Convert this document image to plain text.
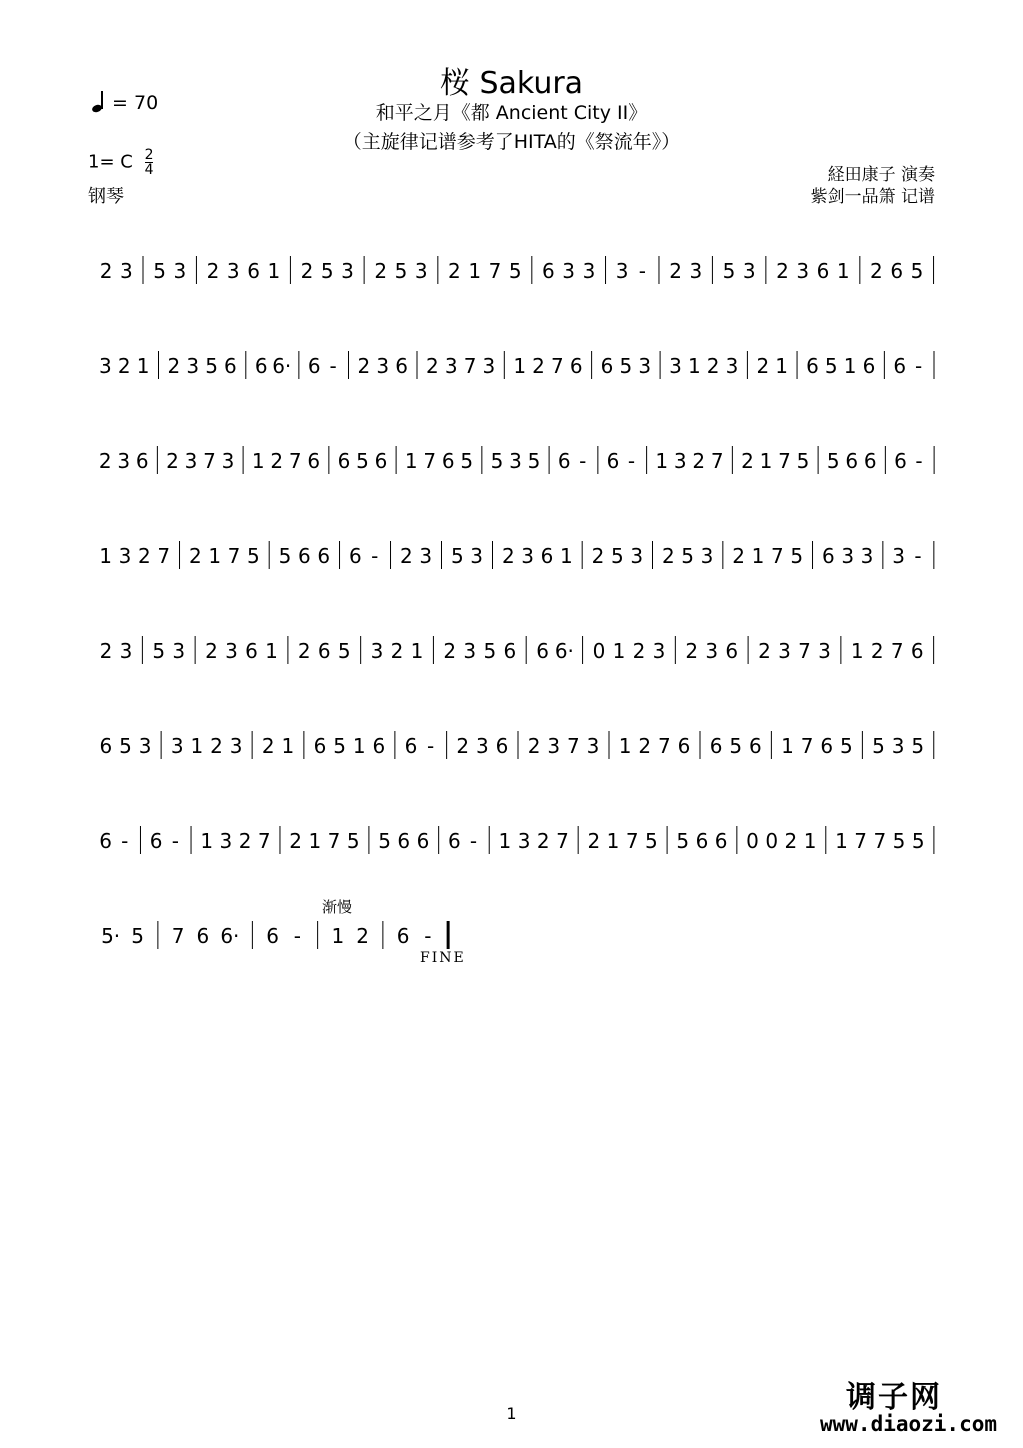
桜 Sakura
和平之月《都 Ancient City II》
（主旋律记谱参考了HITA的《祭流年》）
= 70
1= C $\frac{2}{4}$
钢琴
経田康子 演奏
紫剑一品箫 记谱
2 3 5 3 2 3 6 1 2 5 3 2 5 3 2 1 7 5 6 3 3 3 - 2 3 5 3 2 3 6 1 2 6 5
3 2 1 2 3 5 6 6 6· 6 - 2 3 6 2 3 7 3 1 2 7 6 6 5 3 3 1 2 3 2 1 6 5 1 6 6 -
2 3 6 2 3 7 3 1 2 7 6 6 5 6 1 7 6 5 5 3 5 6 - 6 - 1 3 2 7 2 1 7 5 5 6 6 6 -
1 3 2 7 2 1 7 5 5 6 6 6 - 2 3 5 3 2 3 6 1 2 5 3 2 5 3 2 1 7 5 6 3 3 3 -
2 3 5 3 2 3 6 1 2 6 5 3 2 1 2 3 5 6 6 6· 0 1 2 3 2 3 6 2 3 7 3 1 2 7 6
6 5 3 3 1 2 3 2 1 6 5 1 6 6 - 2 3 6 2 3 7 3 1 2 7 6 6 5 6 1 7 6 5 5 3 5
6 - 6 - 1 3 2 7 2 1 7 5 5 6 6 6 - 1 3 2 7 2 1 7 5 5 6 6 0 0 2 1 1 7 7 5 5
5· 5 7 6 6· 6 - 1 2 6 -
渐慢
FINE
1	调子网
www.diaozi.com
